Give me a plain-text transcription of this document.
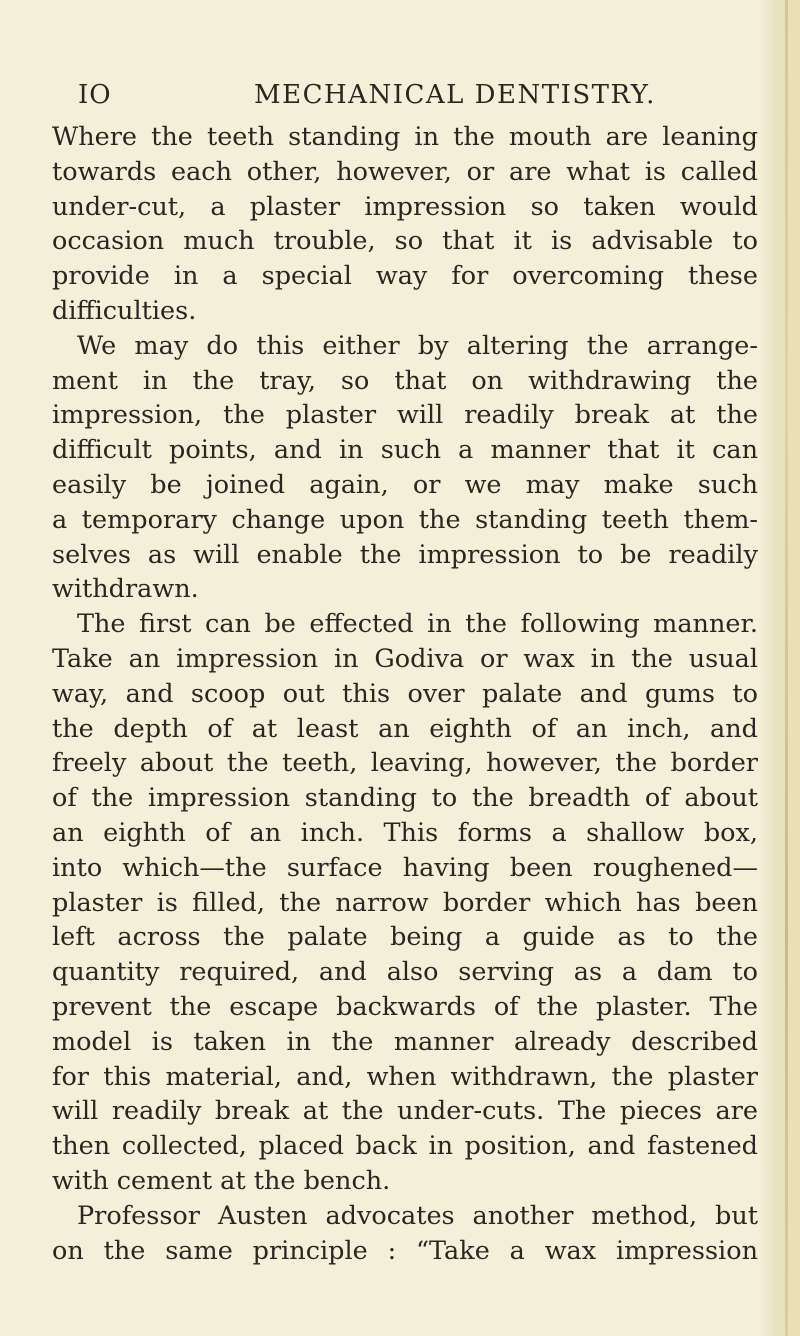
IO	MECHANICAL DENTISTRY.
Where the teeth standing in the mouth are leaning
towards each other, however, or are what is called
under-cut, a plaster impression so taken would
occasion much trouble, so that it is advisable to
provide in a special way for overcoming these
difficulties.
We may do this either by altering the arrange-
ment in the tray, so that on withdrawing the
impression, the plaster will readily break at the
difficult points, and in such a manner that it can
easily be joined again, or we may make such
a temporary change upon the standing teeth them-
selves as will enable the impression to be readily
withdrawn.
The first can be effected in the following manner.
Take an impression in Godiva or wax in the usual
way, and scoop out this over palate and gums to
the depth of at least an eighth of an inch, and
freely about the teeth, leaving, however, the border
of the impression standing to the breadth of about
an eighth of an inch. This forms a shallow box,
into which—the surface having been roughened—
plaster is filled, the narrow border which has been
left across the palate being a guide as to the
quantity required, and also serving as a dam to
prevent the escape backwards of the plaster. The
model is taken in the manner already described
for this material, and, when withdrawn, the plaster
will readily break at the under-cuts. The pieces are
then collected, placed back in position, and fastened
with cement at the bench.
Professor Austen advocates another method, but
on the same principle : “Take a wax impression
